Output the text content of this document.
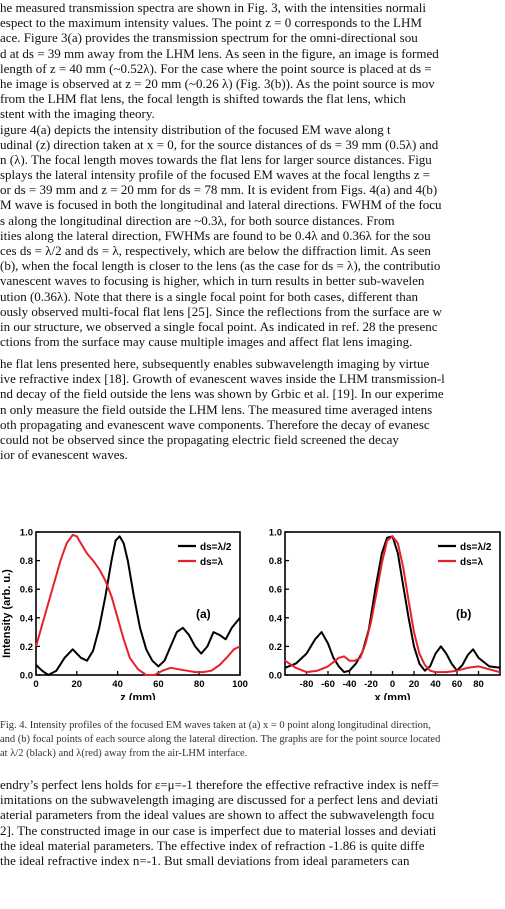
he measured transmission spectra are shown in Fig. 3, with the intensities normali
espect to the maximum intensity values. The point z = 0 corresponds to the LHM
ace. Figure 3(a) provides the transmission spectrum for the omni-directional sou
d at ds = 39 mm away from the LHM lens. As seen in the figure, an image is formed
length of z = 40 mm (~0.52λ). For the case where the point source is placed at ds =
he image is observed at z = 20 mm (~0.26 λ) (Fig. 3(b)). As the point source is mov
from the LHM flat lens, the focal length is shifted towards the flat lens, which
stent with the imaging theory.
igure 4(a) depicts the intensity distribution of the focused EM wave along t
udinal (z) direction taken at x = 0, for the source distances of ds = 39 mm (0.5λ) and
n (λ). The focal length moves towards the flat lens for larger source distances. Figu
splays the lateral intensity profile of the focused EM waves at the focal lengths z =
or ds = 39 mm and z = 20 mm for ds = 78 mm. It is evident from Figs. 4(a) and 4(b)
M wave is focused in both the longitudinal and lateral directions. FWHM of the focu
s along the longitudinal direction are ~0.3λ, for both source distances. From
ities along the lateral direction, FWHMs are found to be 0.4λ and 0.36λ for the sou
ces ds = λ/2 and ds = λ, respectively, which are below the diffraction limit. As seen
(b), when the focal length is closer to the lens (as the case for ds = λ), the contributio
vanescent waves to focusing is higher, which in turn results in better sub-wavelen
ution (0.36λ). Note that there is a single focal point for both cases, different than
ously observed multi-focal flat lens [25]. Since the reflections from the surface are w
in our structure, we observed a single focal point. As indicated in ref. 28 the presenc
ctions from the surface may cause multiple images and affect flat lens imaging.
he flat lens presented here, subsequently enables subwavelength imaging by virtue
ive refractive index [18]. Growth of evanescent waves inside the LHM transmission-l
nd decay of the field outside the lens was shown by Grbic et al. [19]. In our experime
n only measure the field outside the LHM lens. The measured time averaged intens
oth propagating and evanescent wave components. Therefore the decay of evanesc
could not be observed since the propagating electric field screened the decay
ior of evanescent waves.
0.0
0.2
0.4
0.6
0.8
1.0
0	20	40	60	80	100
z (mm)
Intensity (arb. u.)
ds=λ/2
ds=λ
(a)
0.0
0.2
0.4
0.6
0.8
1.0
-80 -60 -40 -20 0 20 40 60 80
x (mm)
ds=λ/2
ds=λ
(b)
Fig. 4. Intensity profiles of the focused EM waves taken at (a) x = 0 point along longitudinal direction,
and (b) focal points of each source along the lateral direction. The graphs are for the point source located
at λ/2 (black) and λ(red) away from the air-LHM interface.
endry’s perfect lens holds for ε=μ=-1 therefore the effective refractive index is neff=
imitations on the subwavelength imaging are discussed for a perfect lens and deviati
aterial parameters from the ideal values are shown to affect the subwavelength focu
2]. The constructed image in our case is imperfect due to material losses and deviati
the ideal material parameters. The effective index of refraction -1.86 is quite diffe
the ideal refractive index n=-1. But small deviations from ideal parameters can
